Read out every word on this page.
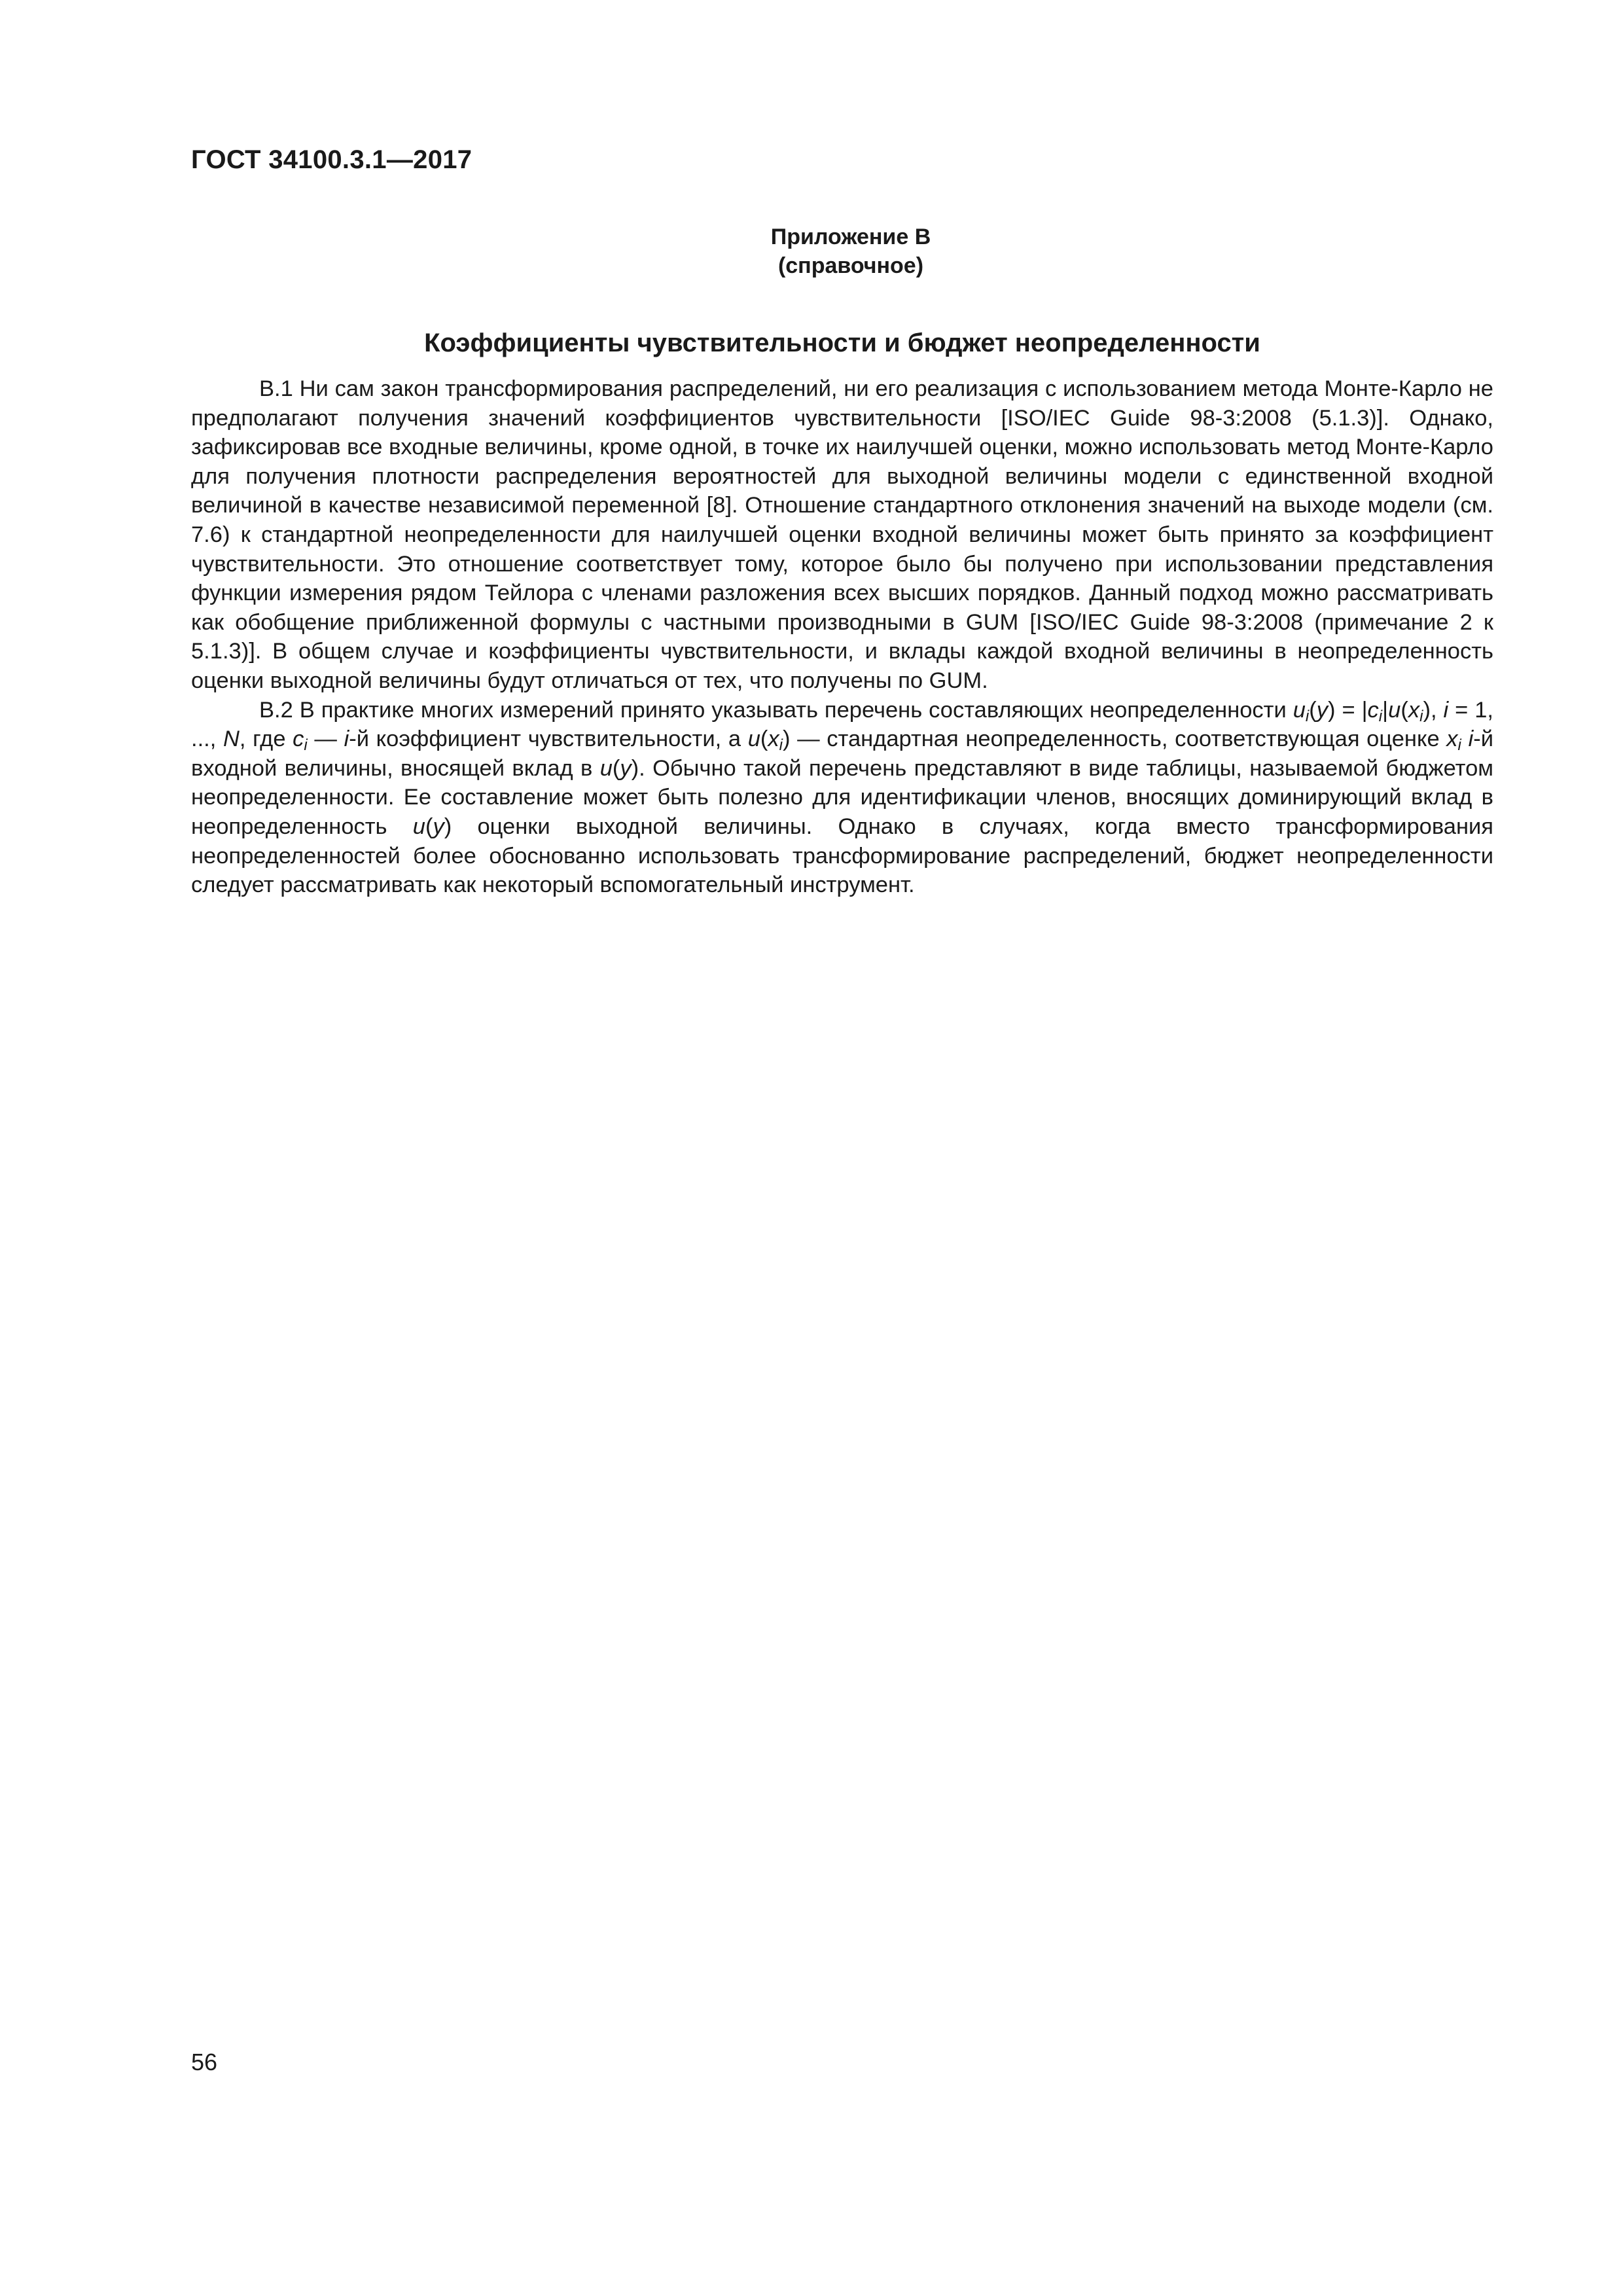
ГОСТ 34100.3.1—2017
Приложение В
(справочное)
Коэффициенты чувствительности и бюджет неопределенности

В.1 Ни сам закон трансформирования распределений, ни его реализация с использованием метода Монте-Карло не предполагают получения значений коэффициентов чувствительности [ISO/IEC Guide 98-3:2008 (5.1.3)]. Однако, зафиксировав все входные величины, кроме одной, в точке их наилучшей оценки, можно использовать метод Монте-Карло для получения плотности распределения вероятностей для выходной величины модели с единственной входной величиной в качестве независимой переменной [8]. Отношение стандартного отклонения значений на выходе модели (см. 7.6) к стандартной неопределенности для наилучшей оценки входной величины может быть принято за коэффициент чувствительности. Это отношение соответствует тому, которое было бы получено при использовании представления функции измерения рядом Тейлора с членами разложения всех высших порядков. Данный подход можно рассматривать как обобщение приближенной формулы с частными производными в GUM [ISO/IEC Guide 98-3:2008 (примечание 2 к 5.1.3)]. В общем случае и коэффициенты чувствительности, и вклады каждой входной величины в неопределенность оценки выходной величины будут отличаться от тех, что получены по GUM.

В.2 В практике многих измерений принято указывать перечень составляющих неопределенности $u_i(y) = |c_i|u(x_i)$, i = 1, ..., N, где $c_i$ — i-й коэффициент чувствительности, а $u(x_i)$ — стандартная неопределенность, соответствующая оценке $x_i$ i-й входной величины, вносящей вклад в u(y). Обычно такой перечень представляют в виде таблицы, называемой бюджетом неопределенности. Ее составление может быть полезно для идентификации членов, вносящих доминирующий вклад в неопределенность u(y) оценки выходной величины. Однако в случаях, когда вместо трансформирования неопределенностей более обоснованно использовать трансформирование распределений, бюджет неопределенности следует рассматривать как некоторый вспомогательный инструмент.

56
